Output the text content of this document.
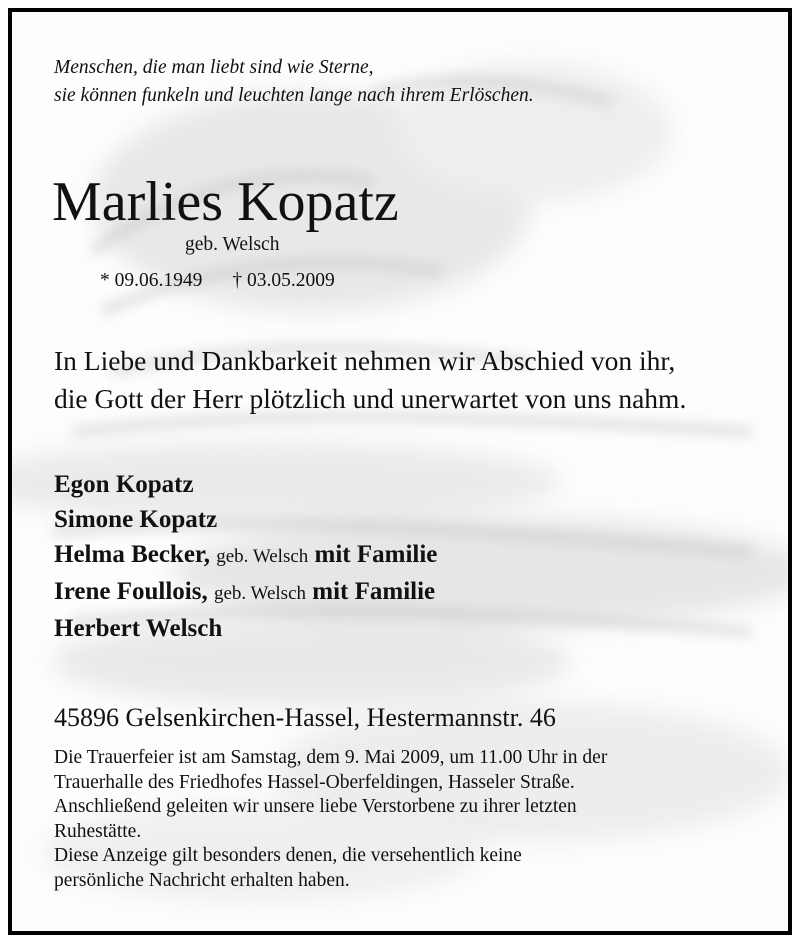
Menschen, die man liebt sind wie Sterne,
sie können funkeln und leuchten lange nach ihrem Erlöschen.
Marlies Kopatz
geb. Welsch
* 09.06.1949 † 03.05.2009
In Liebe und Dankbarkeit nehmen wir Abschied von ihr,
die Gott der Herr plötzlich und unerwartet von uns nahm.
Egon Kopatz
Simone Kopatz
Helma Becker, geb. Welsch mit Familie
Irene Foullois, geb. Welsch mit Familie
Herbert Welsch
45896 Gelsenkirchen-Hassel, Hestermannstr. 46
Die Trauerfeier ist am Samstag, dem 9. Mai 2009, um 11.00 Uhr in der
Trauerhalle des Friedhofes Hassel-Oberfeldingen, Hasseler Straße.
Anschließend geleiten wir unsere liebe Verstorbene zu ihrer letzten
Ruhestätte.
Diese Anzeige gilt besonders denen, die versehentlich keine
persönliche Nachricht erhalten haben.
